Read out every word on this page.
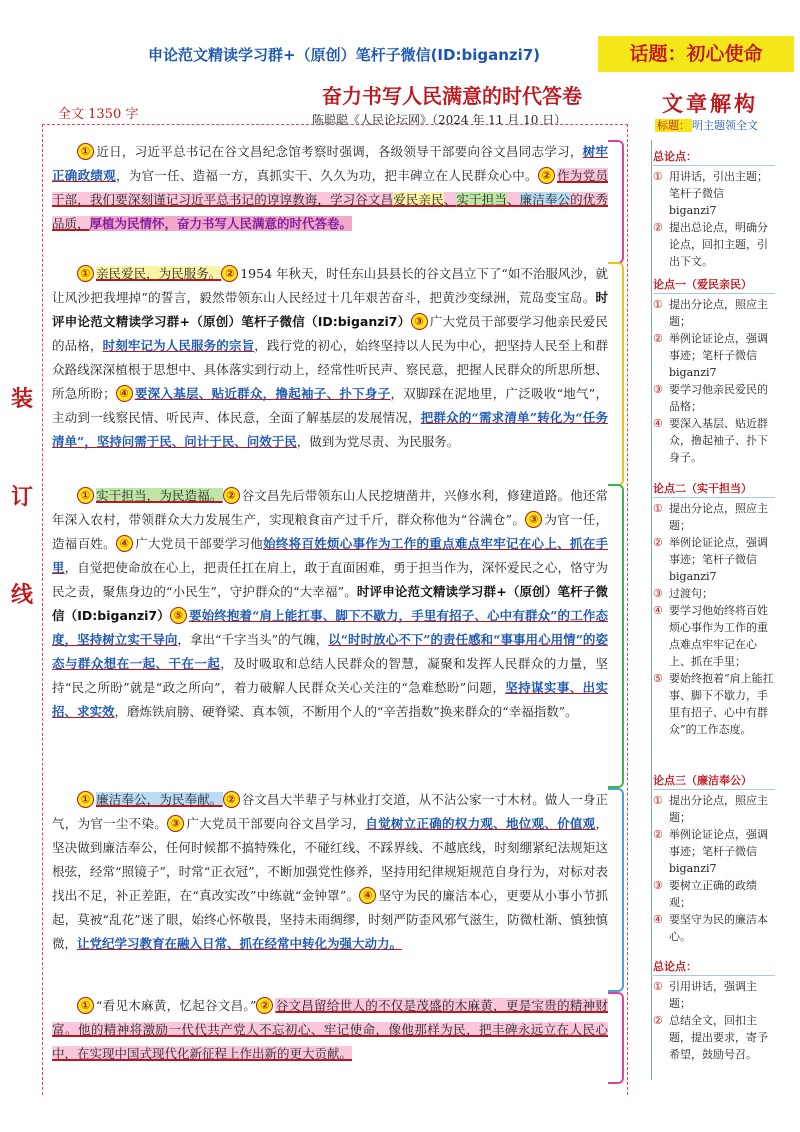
申论范文精读学习群+（原创）笔杆子微信(ID:biganzi7)	话题：初心使命
奋力书写人民满意的时代答卷
陈聪聪《人民论坛网》（2024 年 11 月 10 日）
全文 1350 字
装
订
线
文章解构
标题： 明主题领全文

① 近日，习近平总书记在谷文昌纪念馆考察时强调，各级领导干部要向谷文昌同志学习，树牢正确政绩观，为官一任、造福一方，真抓实干、久久为功，把丰碑立在人民群众心中。 ② 作为党员干部，我们要深刻谨记习近平总书记的谆谆教诲，学习谷文昌爱民亲民、实干担当、廉洁奉公的优秀品质，厚植为民情怀，奋力书写人民满意的时代答卷。

① 亲民爱民，为民服务。 ② 1954 年秋天，时任东山县县长的谷文昌立下了“如不治服风沙，就让风沙把我埋掉”的誓言，毅然带领东山人民经过十几年艰苦奋斗，把黄沙变绿洲，荒岛变宝岛。时评申论范文精读学习群+（原创）笔杆子微信（ID:biganzi7） ③ 广大党员干部要学习他亲民爱民的品格，时刻牢记为人民服务的宗旨，践行党的初心，始终坚持以人民为中心，把坚持人民至上和群众路线深深植根于思想中、具体落实到行动上，经常性听民声、察民意，把握人民群众的所思所想、所急所盼； ④ 要深入基层、贴近群众，撸起袖子、扑下身子，双脚踩在泥地里，广泛吸收“地气”，主动到一线察民情、听民声、体民意，全面了解基层的发展情况，把群众的“需求清单”转化为“任务清单”，坚持问需于民、问计于民、问效于民，做到为党尽责、为民服务。

① 实干担当，为民造福。 ② 谷文昌先后带领东山人民挖塘凿井，兴修水利，修建道路。他还常年深入农村，带领群众大力发展生产，实现粮食亩产过千斤，群众称他为“谷满仓”。 ③ 为官一任，造福百姓。 ④ 广大党员干部要学习他始终将百姓烦心事作为工作的重点难点牢牢记在心上、抓在手里，自觉把使命放在心上，把责任扛在肩上，敢于直面困难，勇于担当作为，深怀爱民之心，恪守为民之责，聚焦身边的“小民生”，守护群众的“大幸福”。时评申论范文精读学习群+（原创）笔杆子微信（ID:biganzi7） ⑤ 要始终抱着“肩上能扛事、脚下不歇力，手里有招子、心中有群众”的工作态度，坚持树立实干导向，拿出“千字当头”的气魄，以“时时放心不下”的责任感和“事事用心用情”的姿态与群众想在一起、干在一起，及时吸取和总结人民群众的智慧，凝聚和发挥人民群众的力量，坚持“民之所盼”就是“政之所向”，着力破解人民群众关心关注的“急难愁盼”问题，坚持谋实事、出实招、求实效，磨炼铁肩膀、硬脊梁、真本领，不断用个人的“辛苦指数”换来群众的“幸福指数”。

① 廉洁奉公，为民奉献。 ② 谷文昌大半辈子与林业打交道，从不沾公家一寸木材。做人一身正气，为官一尘不染。 ③ 广大党员干部要向谷文昌学习，自觉树立正确的权力观、地位观、价值观，坚决做到廉洁奉公，任何时候都不搞特殊化，不碰红线、不踩界线、不越底线，时刻绷紧纪法规矩这根弦，经常“照镜子”，时常“正衣冠”，不断加强党性修养，坚持用纪律规矩规范自身行为，对标对表找出不足，补正差距，在“真改实改”中练就“金钟罩”。 ④ 坚守为民的廉洁本心，更要从小事小节抓起，莫被“乱花”迷了眼，始终心怀敬畏，坚持未雨绸缪，时刻严防歪风邪气滋生，防微杜渐、慎独慎微，让党纪学习教育在融入日常、抓在经常中转化为强大动力。

① “看见木麻黄，忆起谷文昌。” ② 谷文昌留给世人的不仅是茂盛的木麻黄，更是宝贵的精神财富。他的精神将激励一代代共产党人不忘初心、牢记使命，像他那样为民，把丰碑永远立在人民心中，在实现中国式现代化新征程上作出新的更大贡献。

总论点：
① 用讲话，引出主题；笔杆子微信 biganzi7
② 提出总论点，明确分论点，回扣主题，引出下文。
论点一（爱民亲民）
① 提出分论点，照应主题；
② 举例论证论点，强调事迹；笔杆子微信 biganzi7
③ 要学习他亲民爱民的品格；
④ 要深入基层、贴近群众，撸起袖子、扑下身子。
论点二（实干担当）
① 提出分论点，照应主题；
② 举例论证论点，强调事迹；笔杆子微信 biganzi7
③ 过渡句；
④ 要学习他始终将百姓烦心事作为工作的重点难点牢牢记在心上、抓在手里；
⑤ 要始终抱着“肩上能扛事、脚下不歇力，手里有招子、心中有群众”的工作态度。
论点三（廉洁奉公）
① 提出分论点，照应主题；
② 举例论证论点，强调事迹；笔杆子微信 biganzi7
③ 要树立正确的政绩观；
④ 要坚守为民的廉洁本心。
总论点：
① 引用讲话，强调主题；
② 总结全文，回扣主题，提出要求，寄予希望，鼓励号召。
